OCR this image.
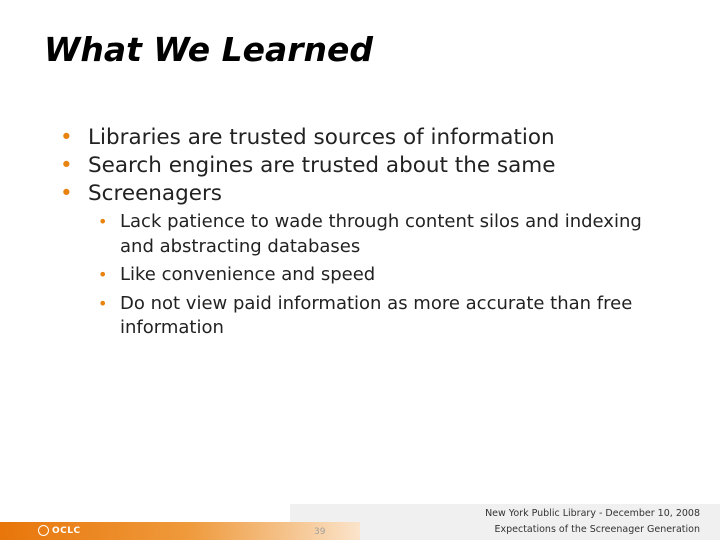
What We Learned
• Libraries are trusted sources of information
• Search engines are trusted about the same
• Screenagers
• Lack patience to wade through content silos and indexing and abstracting databases
• Like convenience and speed
• Do not view paid information as more accurate than free information
OCLC	39
New York Public Library - December 10, 2008
Expectations of the Screenager Generation
